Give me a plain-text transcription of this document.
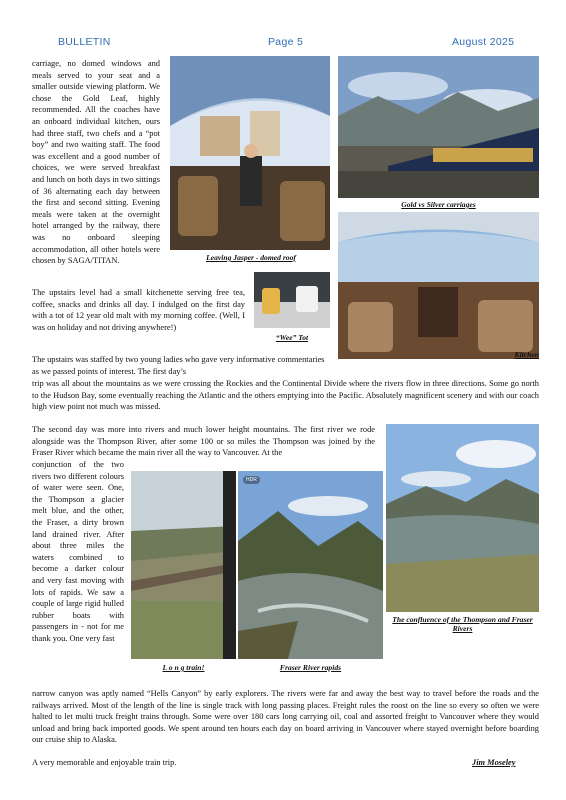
BULLETIN	Page 5	August 2025

carriage, no domed windows and meals served to your seat and a smaller outside viewing platform. We chose the Gold Leaf, highly recommended. All the coaches have an onboard individual kitchen, ours had three staff, two chefs and a “pot boy” and two waiting staff. The food was excellent and a good number of choices, we were served breakfast and lunch on both days in two sittings of 36 alternating each day between the first and second sitting. Evening meals were taken at the overnight hotel arranged by the railway, there was no onboard sleeping accommodation, all other hotels were chosen by SAGA/TITAN.

The upstairs level had a small kitchenette serving free tea, coffee, snacks and drinks all day. I indulged on the first day with a tot of 12 year old malt with my morning coffee. (Well, I was on holiday and not driving anywhere!)

Leaving Jasper - domed roof

Gold vs Silver carriages

“Wee” Tot

Kitchen

The upstairs was staffed by two young ladies who gave very informative commentaries as we passed points of interest. The first day’s

trip was all about the mountains as we were crossing the Rockies and the Continental Divide where the rivers flow in three directions. Some go north to the Hudson Bay, some eventually reaching the Atlantic and the others emptying into the Pacific. Absolutely magnificent scenery and with our coach high view point not much was missed.

The second day was more into rivers and much lower height mountains. The first river we rode alongside was the Thompson River, after some 100 or so miles the Thompson was joined by the Fraser River which became the main river all the way to Vancouver. At the

conjunction of the two rivers two different colours of water were seen. One, the Thompson a glacier melt blue, and the other, the Fraser, a dirty brown land drained river. After about three miles the waters combined to become a darker colour and very fast moving with lots of rapids. We saw a couple of large rigid hulled rubber boats with passengers in - not for me thank you. One very fast

L o n g train!

HDR

Fraser River rapids

The confluence of the Thompson and Fraser Rivers

narrow canyon was aptly named “Hells Canyon” by early explorers. The rivers were far and away the best way to travel before the roads and the railways arrived. Most of the length of the line is single track with long passing places. Freight rules the roost on the line so every so often we were halted to let multi truck freight trains through. Some were over 180 cars long carrying oil, coal and assorted freight to Vancouver where they would unload and bring back imported goods. We spent around ten hours each day on board arriving in Vancouver where stayed overnight before boarding our cruise ship to Alaska.

A very memorable and enjoyable train trip.	Jim Moseley
